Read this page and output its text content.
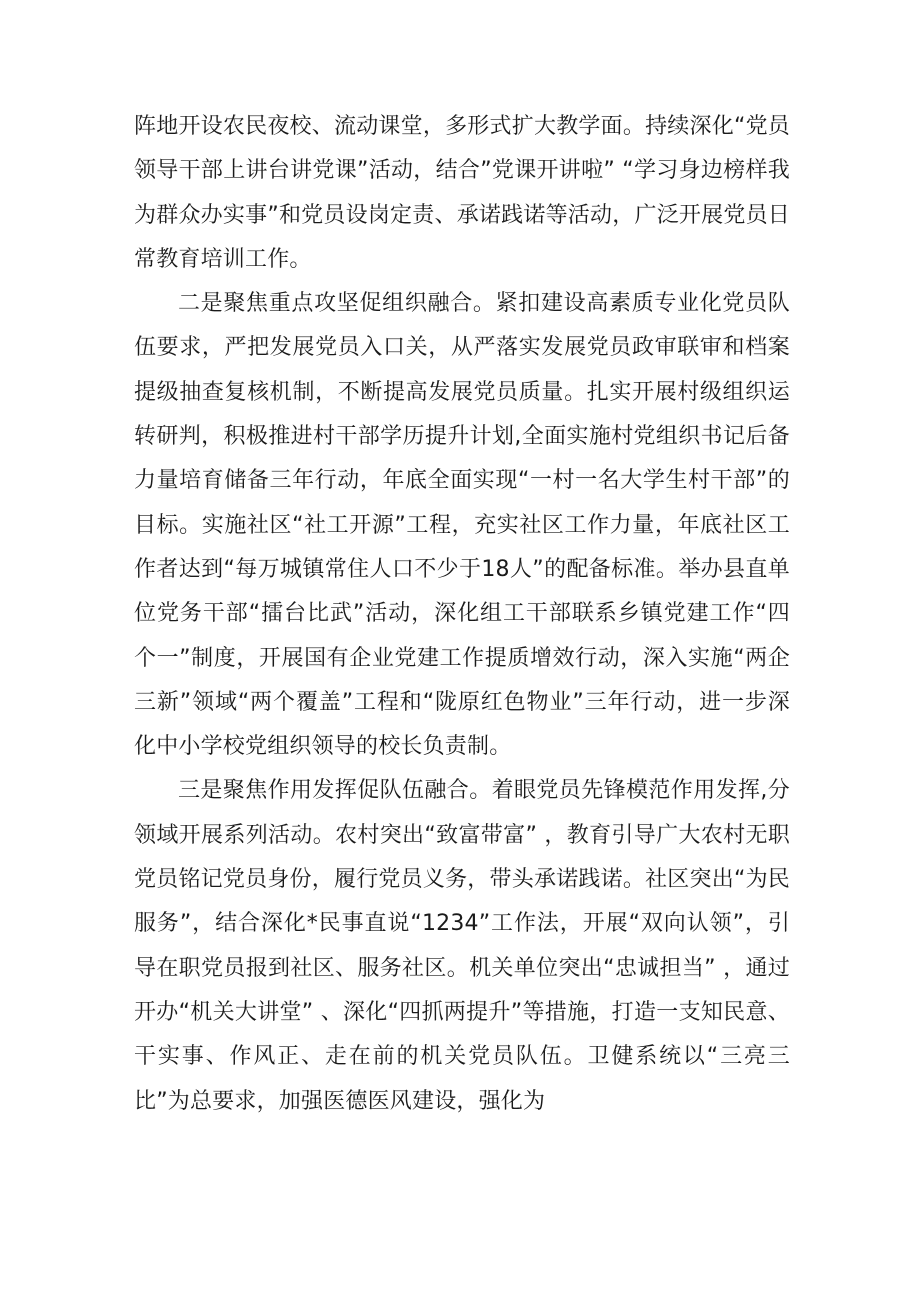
阵地开设农民夜校、流动课堂，多形式扩大教学面。持续深化“党员领导干部上讲台讲党课”活动，结合”党课开讲啦” “学习身边榜样我为群众办实事”和党员设岗定责、承诺践诺等活动，广泛开展党员日常教育培训工作。

二是聚焦重点攻坚促组织融合。紧扣建设高素质专业化党员队伍要求，严把发展党员入口关，从严落实发展党员政审联审和档案提级抽查复核机制，不断提高发展党员质量。扎实开展村级组织运转研判，积极推进村干部学历提升计划,全面实施村党组织书记后备力量培育储备三年行动，年底全面实现“一村一名大学生村干部”的目标。实施社区“社工开源”工程，充实社区工作力量，年底社区工作者达到“每万城镇常住人口不少于18人”的配备标准。举办县直单位党务干部“擂台比武”活动，深化组工干部联系乡镇党建工作“四个一”制度，开展国有企业党建工作提质增效行动，深入实施“两企三新”领域“两个覆盖”工程和“陇原红色物业”三年行动，进一步深化中小学校党组织领导的校长负责制。

三是聚焦作用发挥促队伍融合。着眼党员先锋模范作用发挥,分领域开展系列活动。农村突出“致富带富” ，教育引导广大农村无职党员铭记党员身份，履行党员义务，带头承诺践诺。社区突出“为民服务”，结合深化*民事直说“1234”工作法，开展“双向认领”，引导在职党员报到社区、服务社区。机关单位突出“忠诚担当” ，通过开办“机关大讲堂” 、深化“四抓两提升”等措施，打造一支知民意、干实事、作风正、走在前的机关党员队伍。卫健系统以“三亮三比”为总要求，加强医德医风建设，强化为
